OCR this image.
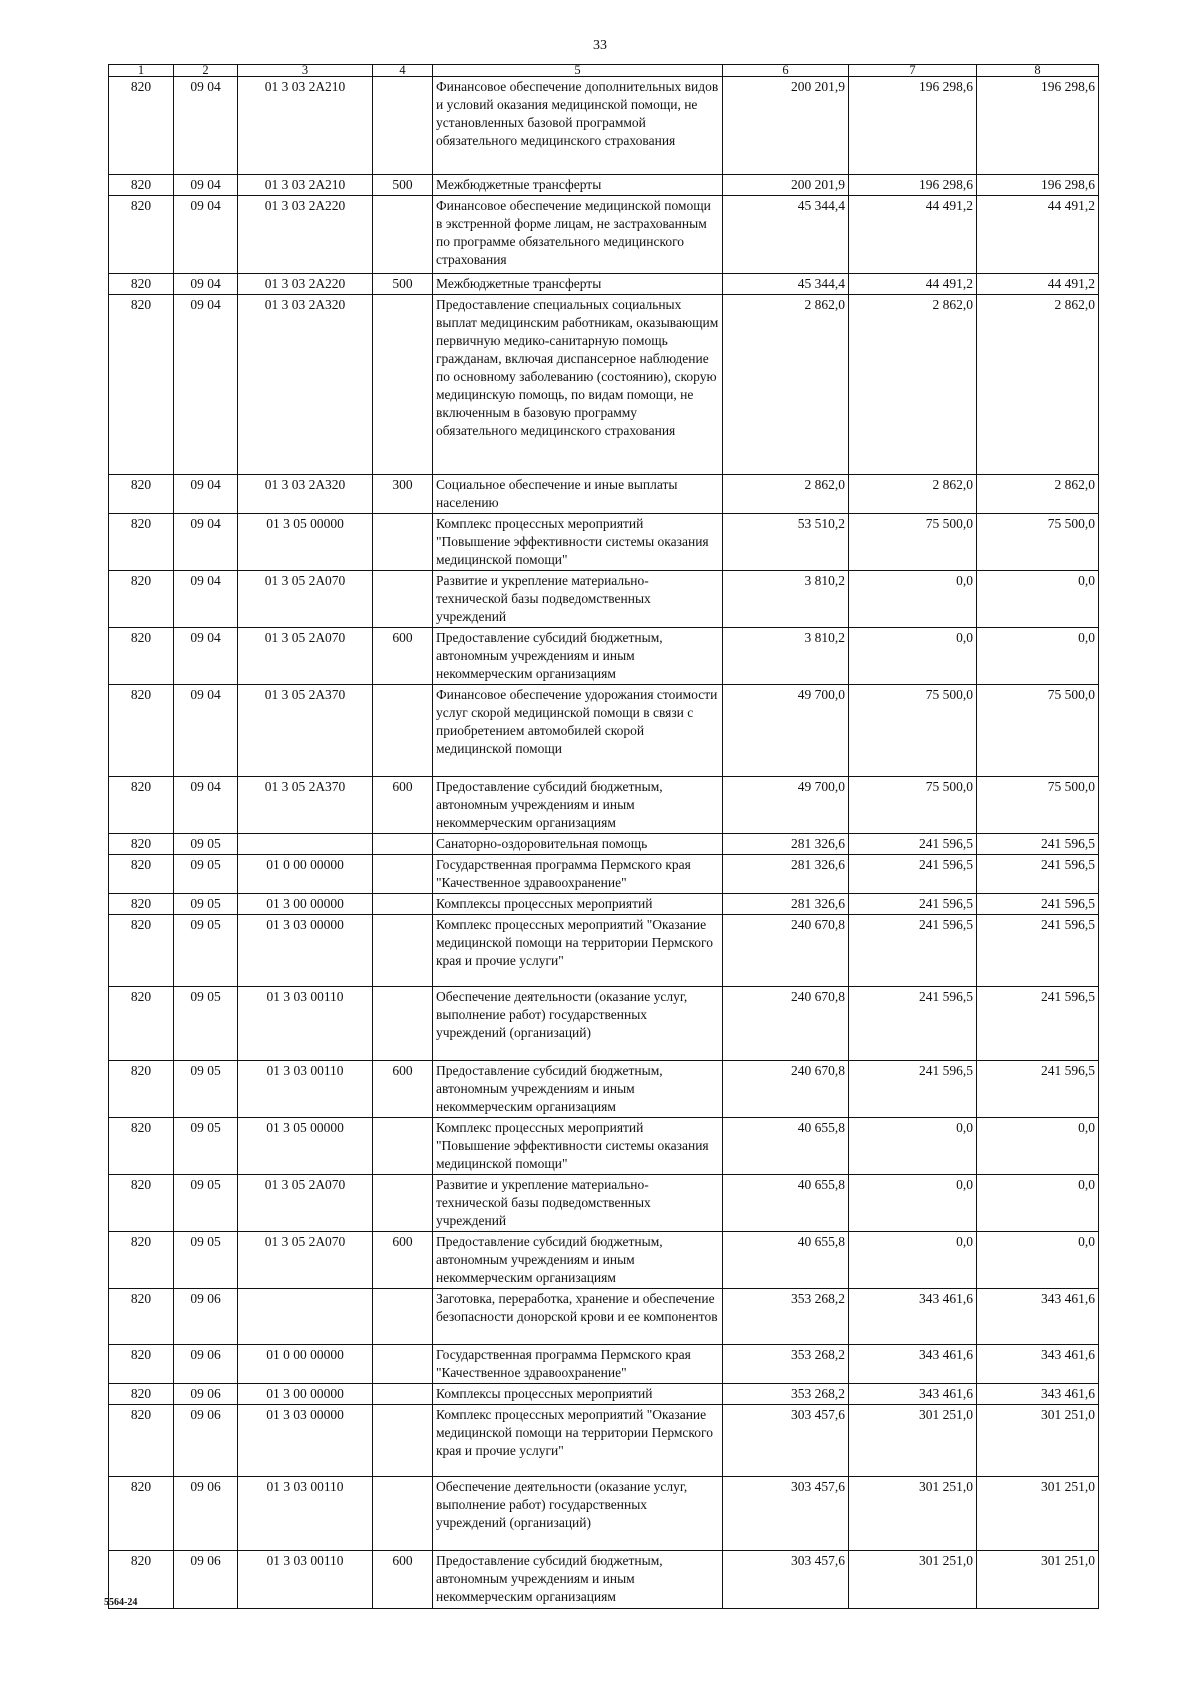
33
1	2	3	4	5	6	7	8
820	09 04	01 3 03 2А210		Финансовое обеспечение дополнительных видов и условий оказания медицинской помощи, не установленных базовой программой обязательного медицинского страхования	200 201,9	196 298,6	196 298,6
820	09 04	01 3 03 2А210	500	Межбюджетные трансферты	200 201,9	196 298,6	196 298,6
820	09 04	01 3 03 2А220		Финансовое обеспечение медицинской помощи в экстренной форме лицам, не застрахованным по программе обязательного медицинского страхования	45 344,4	44 491,2	44 491,2
820	09 04	01 3 03 2А220	500	Межбюджетные трансферты	45 344,4	44 491,2	44 491,2
820	09 04	01 3 03 2А320		Предоставление специальных социальных выплат медицинским работникам, оказывающим первичную медико-санитарную помощь гражданам, включая диспансерное наблюдение по основному заболеванию (состоянию), скорую медицинскую помощь, по видам помощи, не включенным в базовую программу обязательного медицинского страхования	2 862,0	2 862,0	2 862,0
820	09 04	01 3 03 2А320	300	Социальное обеспечение и иные выплаты населению	2 862,0	2 862,0	2 862,0
820	09 04	01 3 05 00000		Комплекс процессных мероприятий "Повышение эффективности системы оказания медицинской помощи"	53 510,2	75 500,0	75 500,0
820	09 04	01 3 05 2А070		Развитие и укрепление материально-технической базы подведомственных учреждений	3 810,2	0,0	0,0
820	09 04	01 3 05 2А070	600	Предоставление субсидий бюджетным, автономным учреждениям и иным некоммерческим организациям	3 810,2	0,0	0,0
820	09 04	01 3 05 2А370		Финансовое обеспечение удорожания стоимости услуг скорой медицинской помощи в связи с приобретением автомобилей скорой медицинской помощи	49 700,0	75 500,0	75 500,0
820	09 04	01 3 05 2А370	600	Предоставление субсидий бюджетным, автономным учреждениям и иным некоммерческим организациям	49 700,0	75 500,0	75 500,0
820	09 05			Санаторно-оздоровительная помощь	281 326,6	241 596,5	241 596,5
820	09 05	01 0 00 00000		Государственная программа Пермского края "Качественное здравоохранение"	281 326,6	241 596,5	241 596,5
820	09 05	01 3 00 00000		Комплексы процессных мероприятий	281 326,6	241 596,5	241 596,5
820	09 05	01 3 03 00000		Комплекс процессных мероприятий "Оказание медицинской помощи на территории Пермского края и прочие услуги"	240 670,8	241 596,5	241 596,5
820	09 05	01 3 03 00110		Обеспечение деятельности (оказание услуг, выполнение работ) государственных учреждений (организаций)	240 670,8	241 596,5	241 596,5
820	09 05	01 3 03 00110	600	Предоставление субсидий бюджетным, автономным учреждениям и иным некоммерческим организациям	240 670,8	241 596,5	241 596,5
820	09 05	01 3 05 00000		Комплекс процессных мероприятий "Повышение эффективности системы оказания медицинской помощи"	40 655,8	0,0	0,0
820	09 05	01 3 05 2А070		Развитие и укрепление материально-технической базы подведомственных учреждений	40 655,8	0,0	0,0
820	09 05	01 3 05 2А070	600	Предоставление субсидий бюджетным, автономным учреждениям и иным некоммерческим организациям	40 655,8	0,0	0,0
820	09 06			Заготовка, переработка, хранение и обеспечение безопасности донорской крови и ее компонентов	353 268,2	343 461,6	343 461,6
820	09 06	01 0 00 00000		Государственная программа Пермского края "Качественное здравоохранение"	353 268,2	343 461,6	343 461,6
820	09 06	01 3 00 00000		Комплексы процессных мероприятий	353 268,2	343 461,6	343 461,6
820	09 06	01 3 03 00000		Комплекс процессных мероприятий "Оказание медицинской помощи на территории Пермского края и прочие услуги"	303 457,6	301 251,0	301 251,0
820	09 06	01 3 03 00110		Обеспечение деятельности (оказание услуг, выполнение работ) государственных учреждений (организаций)	303 457,6	301 251,0	301 251,0
820	09 06	01 3 03 00110	600	Предоставление субсидий бюджетным, автономным учреждениям и иным некоммерческим организациям	303 457,6	301 251,0	301 251,0
5564-24
